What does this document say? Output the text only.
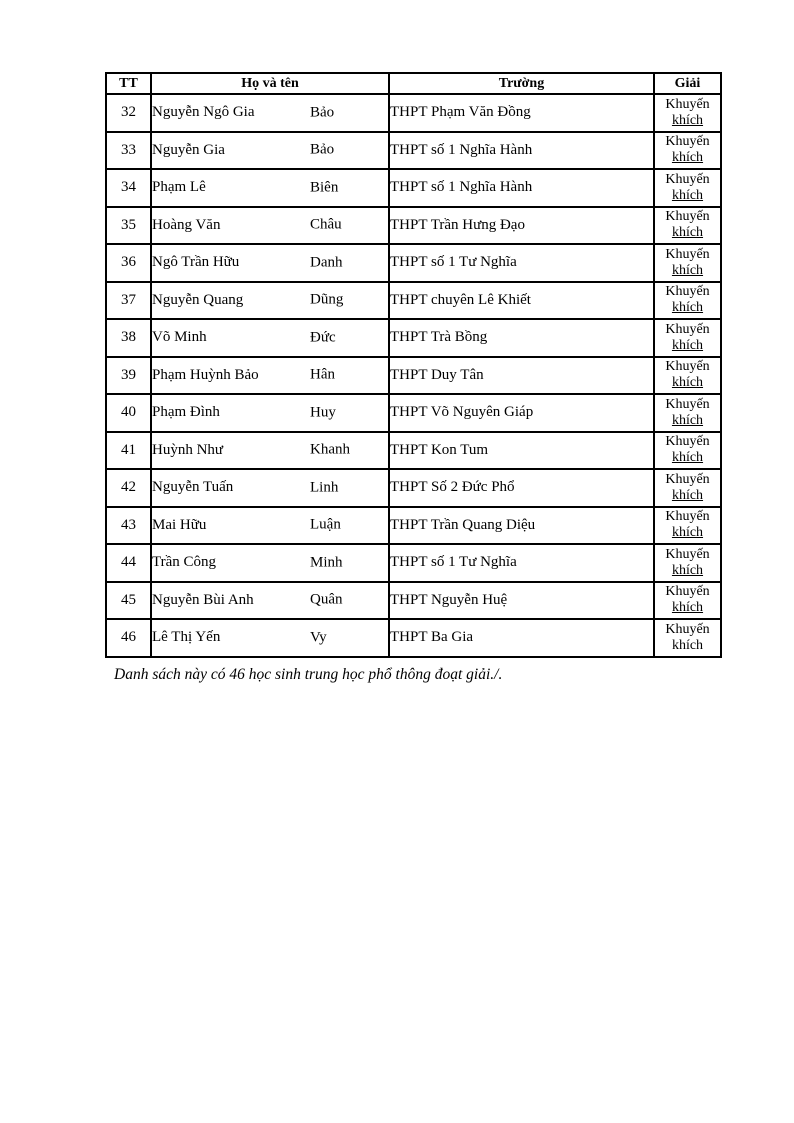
TT	Họ và tên	Trường	Giải
32	Nguyễn Ngô Gia Bảo	THPT Phạm Văn Đồng	Khuyến
khích

33	Nguyễn Gia Bảo	THPT số 1 Nghĩa Hành	Khuyến
khích

34	Phạm Lê Biên	THPT số 1 Nghĩa Hành	Khuyến
khích

35	Hoàng Văn Châu	THPT Trần Hưng Đạo	Khuyến
khích

36	Ngô Trần Hữu Danh	THPT số 1 Tư Nghĩa	Khuyến
khích

37	Nguyễn Quang Dũng	THPT chuyên Lê Khiết	Khuyến
khích

38	Võ Minh Đức	THPT Trà Bồng	Khuyến
khích

39	Phạm Huỳnh Bảo Hân	THPT Duy Tân	Khuyến
khích

40	Phạm Đình Huy	THPT Võ Nguyên Giáp	Khuyến
khích

41	Huỳnh Như Khanh	THPT Kon Tum	Khuyến
khích

42	Nguyễn Tuấn Linh	THPT Số 2 Đức Phổ	Khuyến
khích

43	Mai Hữu Luận	THPT Trần Quang Diệu	Khuyến
khích

44	Trần Công Minh	THPT số 1 Tư Nghĩa	Khuyến
khích

45	Nguyễn Bùi Anh Quân	THPT Nguyễn Huệ	Khuyến
khích

46	Lê Thị Yến Vy	THPT Ba Gia	Khuyến
khích
Danh sách này có 46 học sinh trung học phổ thông đoạt giải./.
